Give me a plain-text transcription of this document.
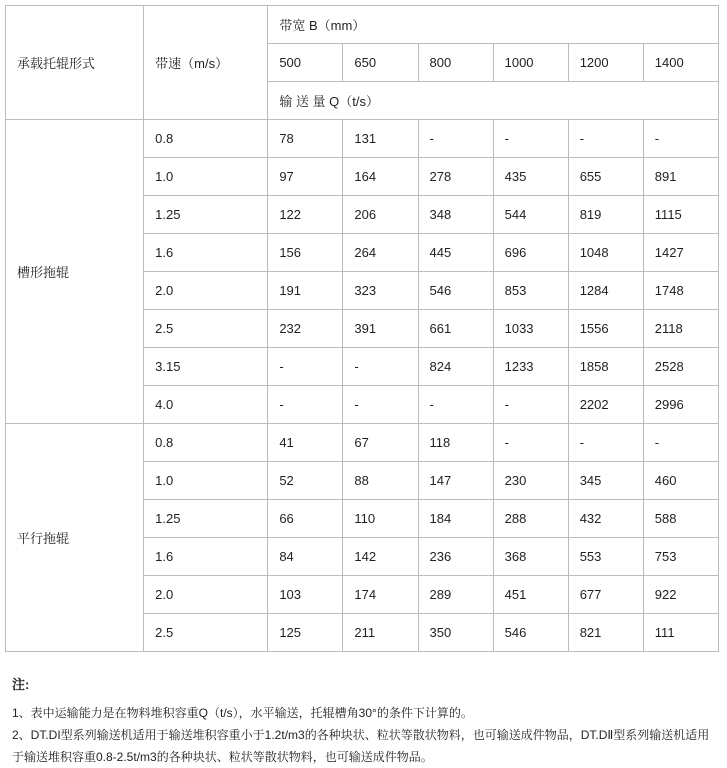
承载托辊形式	带速（m/s）	带宽 B（mm）					
		500	650	800	1000	1200	1400
		输 送 量 Q（t/s）					
槽形拖辊	0.8	78	131	-	-	-	-
	1.0	97	164	278	435	655	891
	1.25	122	206	348	544	819	1115
	1.6	156	264	445	696	1048	1427
	2.0	191	323	546	853	1284	1748
	2.5	232	391	661	1033	1556	2118
	3.15	-	-	824	1233	1858	2528
	4.0	-	-	-	-	2202	2996
平行拖辊	0.8	41	67	118	-	-	-
	1.0	52	88	147	230	345	460
	1.25	66	110	184	288	432	588
	1.6	84	142	236	368	553	753
	2.0	103	174	289	451	677	922
	2.5	125	211	350	546	821	111
注:
1、表中运输能力是在物料堆积容重Q（t/s），水平输送，托辊槽角30°的条件下计算的。
2、DT.DI型系列输送机适用于输送堆积容重小于1.2t/m3的各种块状、粒状等散状物料，也可输送成件物品，DT.DⅡ型系列输送机适用于输送堆积容重0.8-2.5t/m3的各种块状、粒状等散状物料，也可输送成件物品。
